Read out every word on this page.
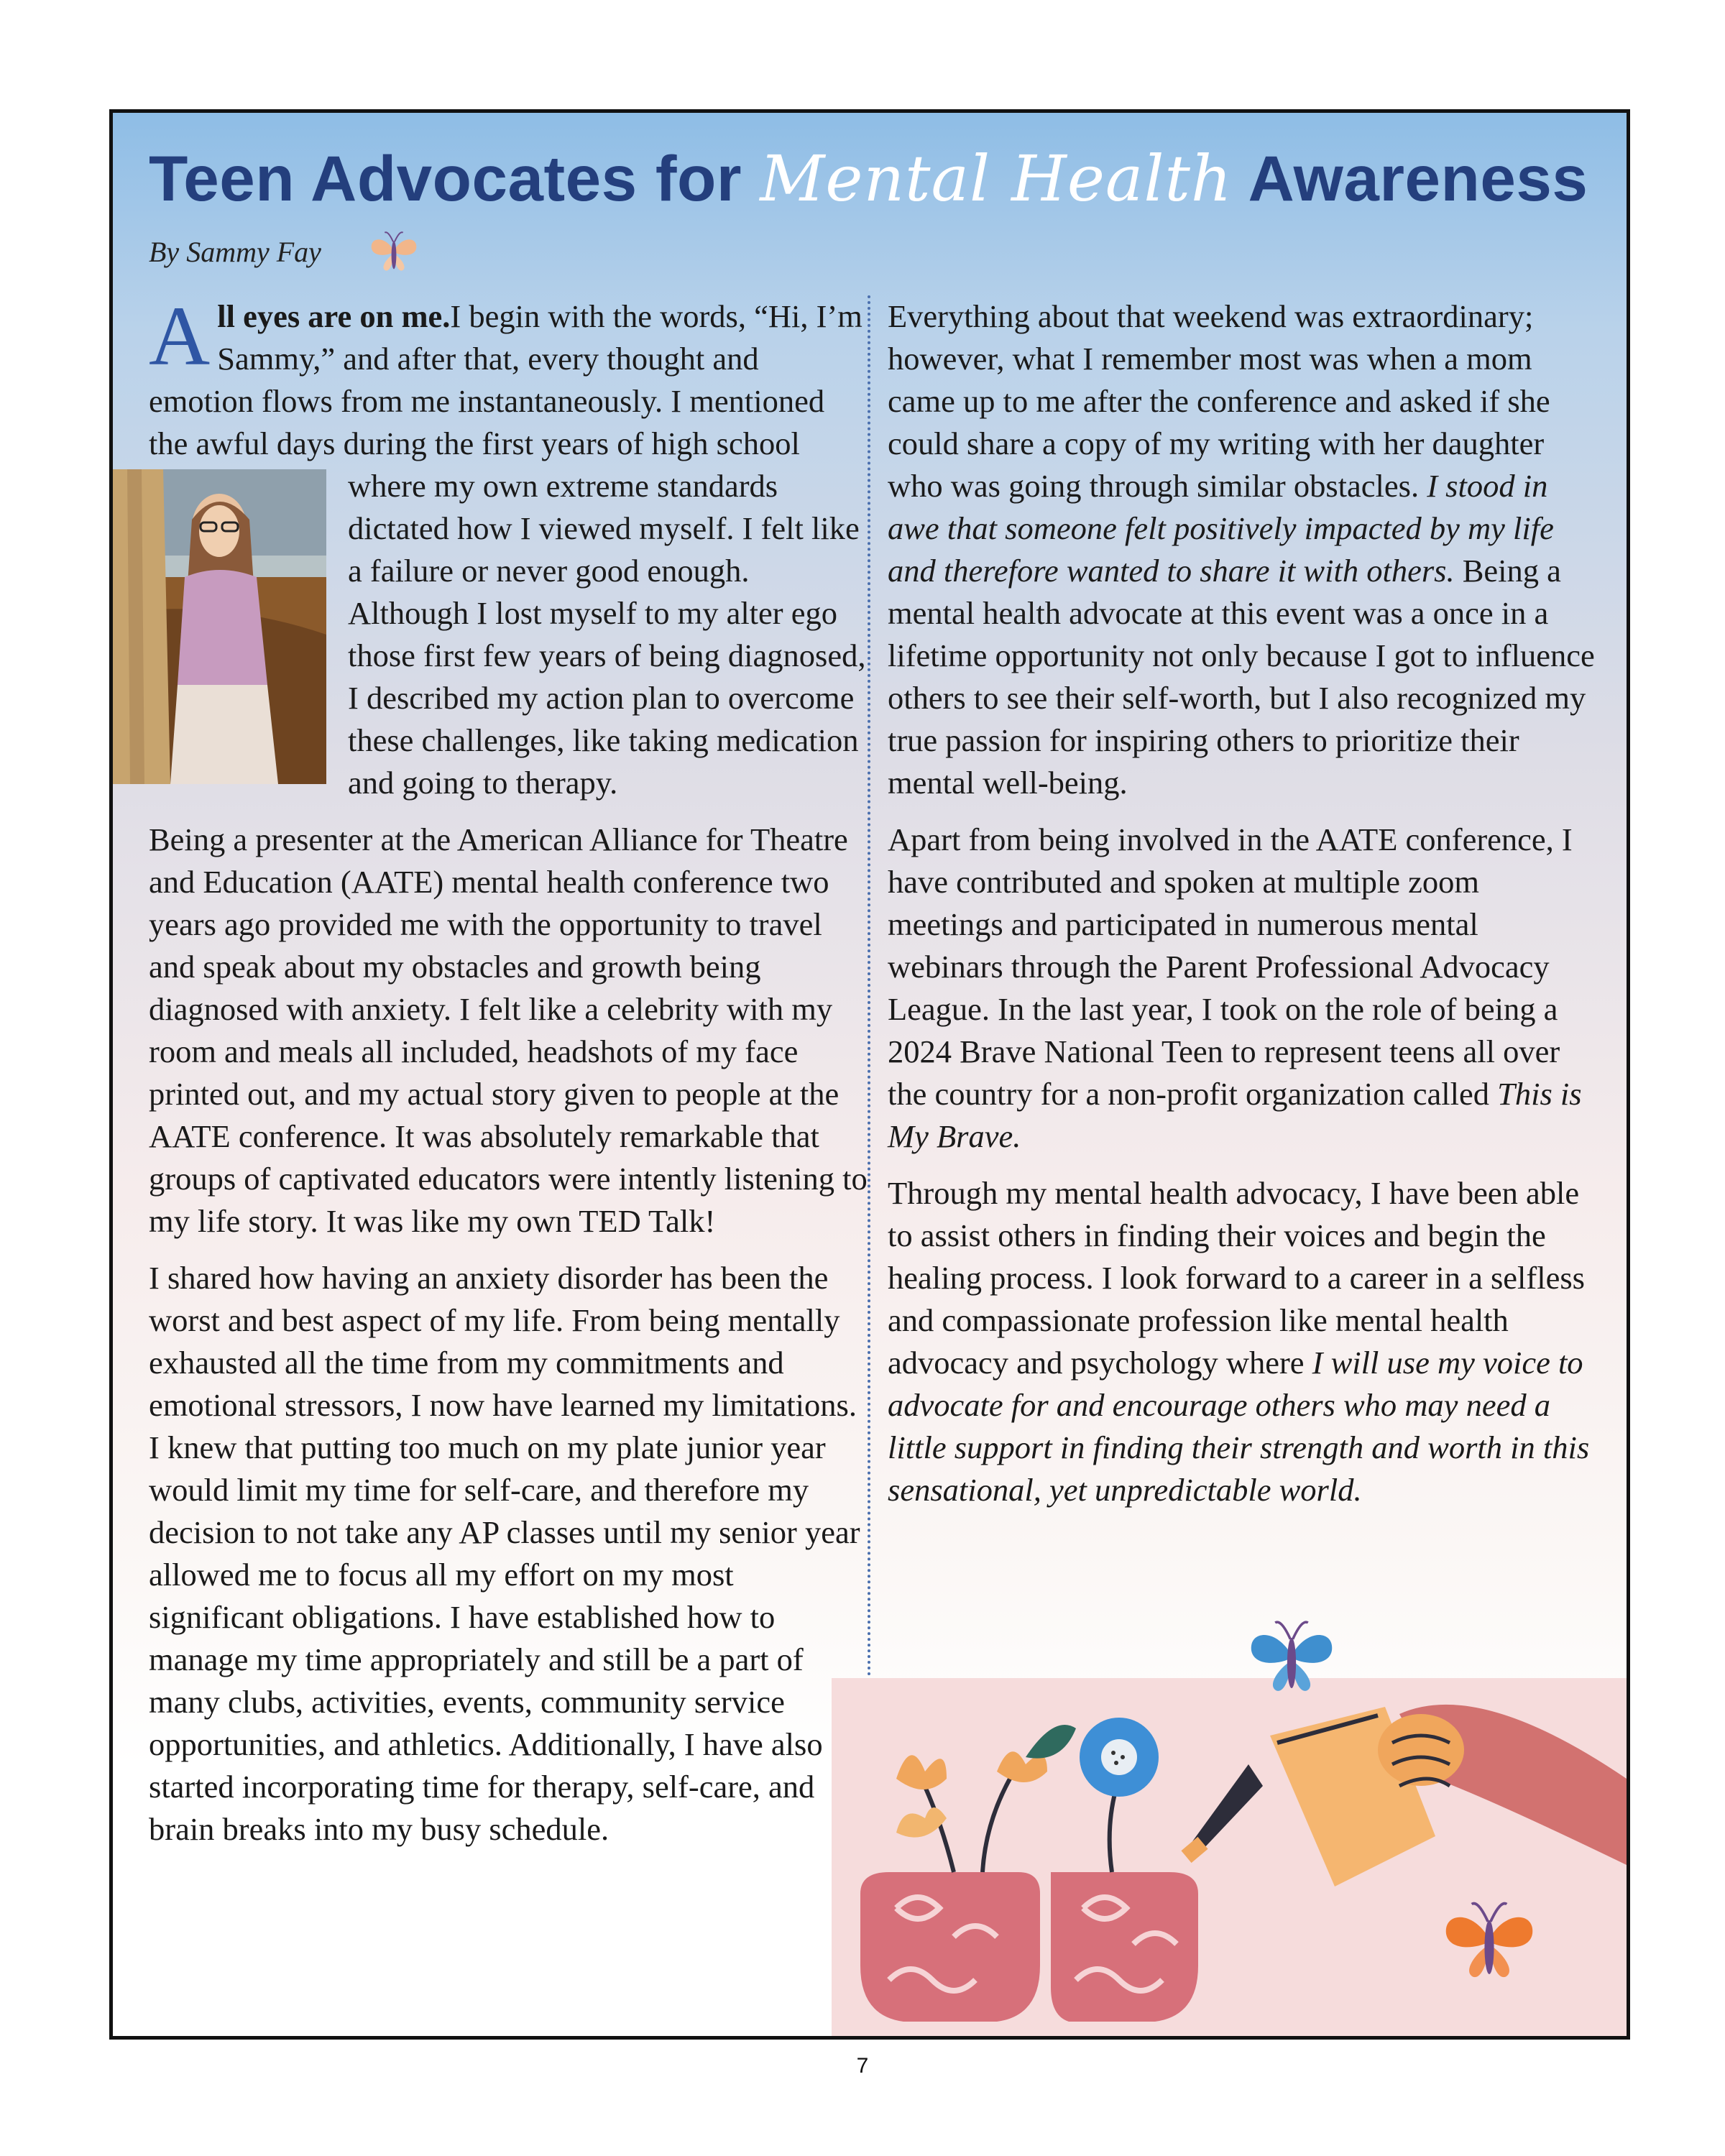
Teen Advocates for Mental Health Awareness
By Sammy Fay

A ll eyes are on me.I begin with the words, “Hi, I’m Sammy,” and after that, every thought and emotion flows from me instantaneously. I mentioned the awful days during the first years of high school where my own extreme standards
dictated how I viewed myself. I felt like a failure or never good enough. Although I lost myself to my alter ego those first few years of being diagnosed, I described my action plan to overcome these challenges, like taking medication and going to therapy.

Being a presenter at the American Alliance for Theatre and Education (AATE) mental health conference two years ago provided me with the opportunity to travel and speak about my obstacles and growth being diagnosed with anxiety. I felt like a celebrity with my room and meals all included, headshots of my face printed out, and my actual story given to people at the AATE conference. It was absolutely remarkable that groups of captivated educators were intently listening to my life story. It was like my own TED Talk!

I shared how having an anxiety disorder has been the worst and best aspect of my life. From being mentally exhausted all the time from my commitments and emotional stressors, I now have learned my limitations. I knew that putting too much on my plate junior year would limit my time for self-care, and therefore my decision to not take any AP classes until my senior year allowed me to focus all my effort on my most significant obligations. I have established how to manage my time appropriately and still be a part of many clubs, activities, events, community service opportunities, and athletics. Additionally, I have also started incorporating time for therapy, self-care, and brain breaks into my busy schedule.

Everything about that weekend was extraordinary; however, what I remember most was when a mom came up to me after the conference and asked if she could share a copy of my writing with her daughter who was going through similar obstacles. I stood in awe that someone felt positively impacted by my life and therefore wanted to share it with others. Being a mental health advocate at this event was a once in a lifetime opportunity not only because I got to influence others to see their self-worth, but I also recognized my true passion for inspiring others to prioritize their mental well-being.

Apart from being involved in the AATE conference, I have contributed and spoken at multiple zoom meetings and participated in numerous mental webinars through the Parent Professional Advocacy League. In the last year, I took on the role of being a 2024 Brave National Teen to represent teens all over the country for a non-profit organization called This is My Brave.

Through my mental health advocacy, I have been able to assist others in finding their voices and begin the healing process. I look forward to a career in a selfless and compassionate profession like mental health advocacy and psychology where I will use my voice to advocate for and encourage others who may need a little support in finding their strength and worth in this sensational, yet unpredictable world.

7
